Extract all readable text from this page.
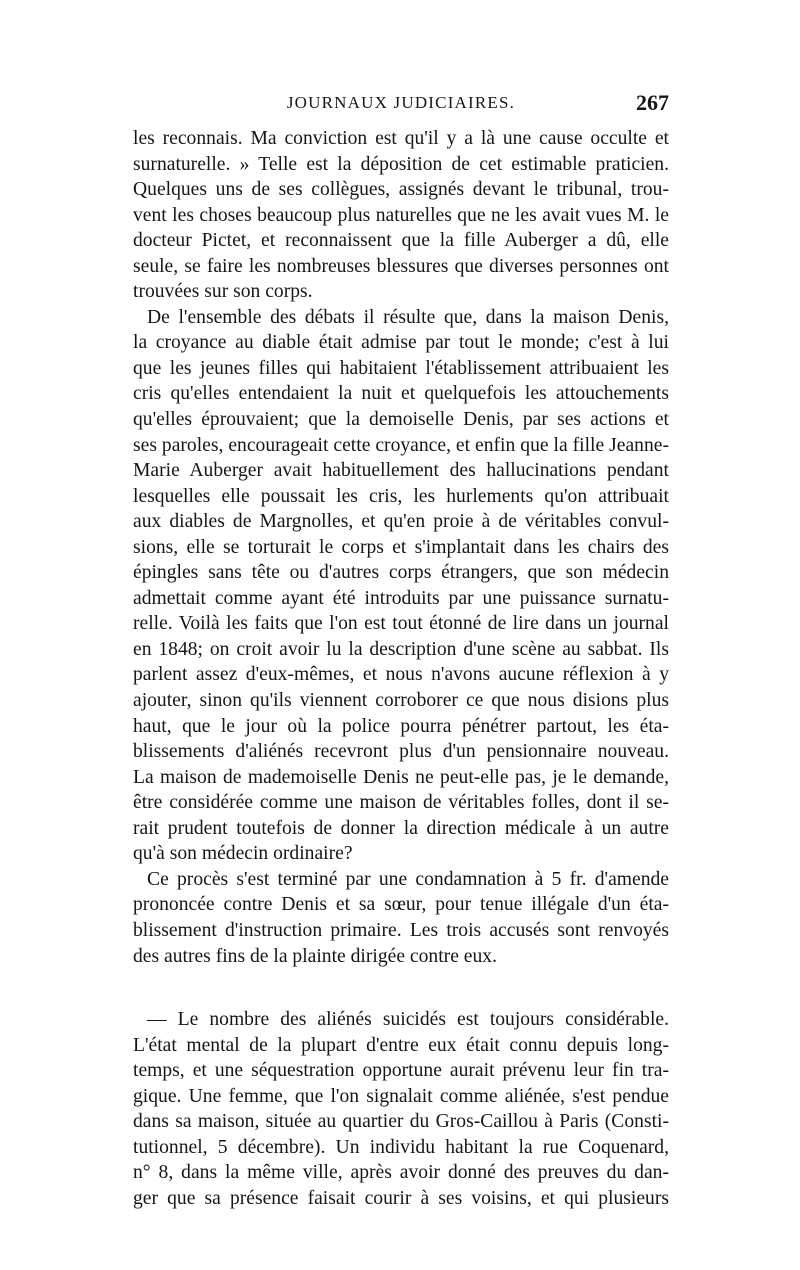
JOURNAUX JUDICIAIRES.	267
les reconnais. Ma conviction est qu'il y a là une cause occulte et
surnaturelle. » Telle est la déposition de cet estimable praticien.
Quelques uns de ses collègues, assignés devant le tribunal, trou-
vent les choses beaucoup plus naturelles que ne les avait vues M. le
docteur Pictet, et reconnaissent que la fille Auberger a dû, elle
seule, se faire les nombreuses blessures que diverses personnes ont
trouvées sur son corps.
De l'ensemble des débats il résulte que, dans la maison Denis,
la croyance au diable était admise par tout le monde; c'est à lui
que les jeunes filles qui habitaient l'établissement attribuaient les
cris qu'elles entendaient la nuit et quelquefois les attouchements
qu'elles éprouvaient; que la demoiselle Denis, par ses actions et
ses paroles, encourageait cette croyance, et enfin que la fille Jeanne-
Marie Auberger avait habituellement des hallucinations pendant
lesquelles elle poussait les cris, les hurlements qu'on attribuait
aux diables de Margnolles, et qu'en proie à de véritables convul-
sions, elle se torturait le corps et s'implantait dans les chairs des
épingles sans tête ou d'autres corps étrangers, que son médecin
admettait comme ayant été introduits par une puissance surnatu-
relle. Voilà les faits que l'on est tout étonné de lire dans un journal
en 1848; on croit avoir lu la description d'une scène au sabbat. Ils
parlent assez d'eux-mêmes, et nous n'avons aucune réflexion à y
ajouter, sinon qu'ils viennent corroborer ce que nous disions plus
haut, que le jour où la police pourra pénétrer partout, les éta-
blissements d'aliénés recevront plus d'un pensionnaire nouveau.
La maison de mademoiselle Denis ne peut-elle pas, je le demande,
être considérée comme une maison de véritables folles, dont il se-
rait prudent toutefois de donner la direction médicale à un autre
qu'à son médecin ordinaire?
Ce procès s'est terminé par une condamnation à 5 fr. d'amende
prononcée contre Denis et sa sœur, pour tenue illégale d'un éta-
blissement d'instruction primaire. Les trois accusés sont renvoyés
des autres fins de la plainte dirigée contre eux.
— Le nombre des aliénés suicidés est toujours considérable.
L'état mental de la plupart d'entre eux était connu depuis long-
temps, et une séquestration opportune aurait prévenu leur fin tra-
gique. Une femme, que l'on signalait comme aliénée, s'est pendue
dans sa maison, située au quartier du Gros-Caillou à Paris (Consti-
tutionnel, 5 décembre). Un individu habitant la rue Coquenard,
n° 8, dans la même ville, après avoir donné des preuves du dan-
ger que sa présence faisait courir à ses voisins, et qui plusieurs
